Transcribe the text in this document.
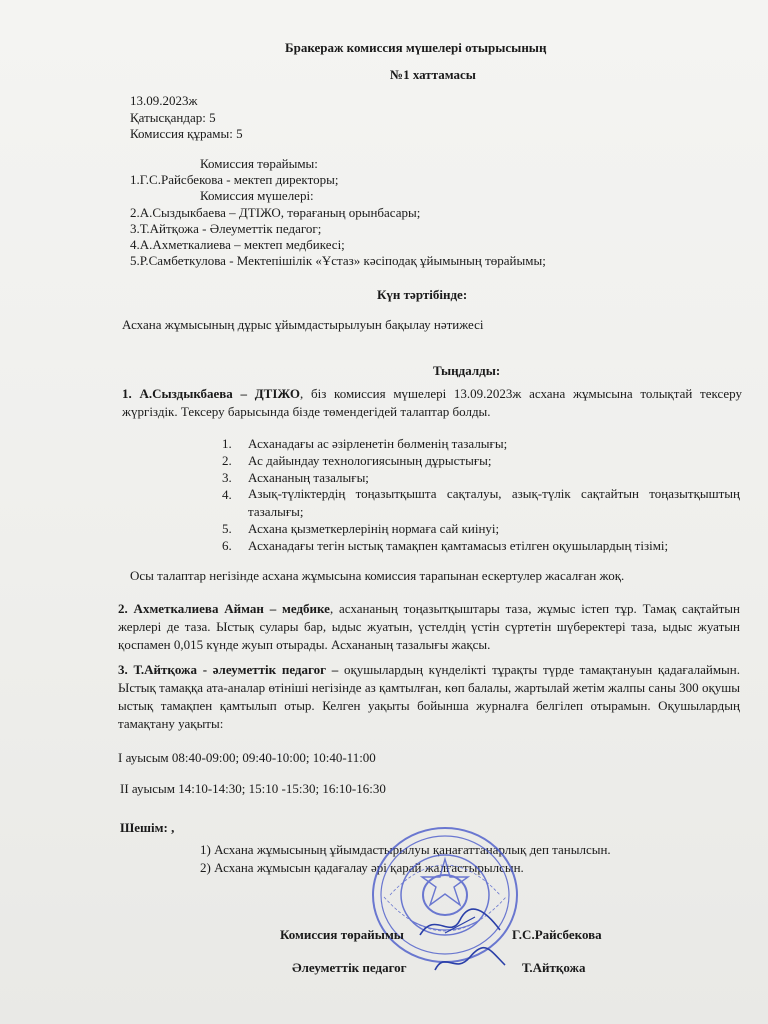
Бракераж комиссия мүшелері отырысының
№1 хаттамасы
13.09.2023ж
Қатысқандар: 5
Комиссия құрамы: 5
Комиссия төрайымы:
1.Г.С.Райсбекова - мектеп директоры;
Комиссия мүшелері:
2.А.Сыздыкбаева – ДТІЖО, төрағаның орынбасары;
3.Т.Айтқожа - Әлеуметтік педагог;
4.А.Ахметкалиева – мектеп медбикесі;
5.Р.Самбеткулова - Мектепішілік «Ұстаз» кәсіподақ ұйымының төрайымы;
Күн тәртібінде:
Асхана жұмысының дұрыс ұйымдастырылуын бақылау нәтижесі
Тыңдалды:
1. А.Сыздыкбаева – ДТІЖО, біз комиссия мүшелері 13.09.2023ж асхана жұмысына толықтай тексеру жүргіздік. Тексеру барысында бізде төмендегідей талаптар болды.
1. Асханадағы ас әзірленетін бөлменің тазалығы;
2. Ас дайындау технологиясының дұрыстығы;
3. Асхананың тазалығы;
4. Азық-түліктердің тоңазытқышта сақталуы, азық-түлік сақтайтын тоңазытқыштың тазалығы;
5. Асхана қызметкерлерінің нормаға сай киінуі;
6. Асханадағы тегін ыстық тамақпен қамтамасыз етілген оқушылардың тізімі;
Осы талаптар негізінде асхана жұмысына комиссия тарапынан ескертулер жасалған жоқ.
2. Ахметкалиева Айман – медбике, асхананың тоңазытқыштары таза, жұмыс істеп тұр. Тамақ сақтайтын жерлері де таза. Ыстық сулары бар, ыдыс жуатын, үстелдің үстін сүртетін шүберектері таза, ыдыс жуатын қоспамен 0,015 күнде жуып отырады. Асхананың тазалығы жақсы.
3. Т.Айтқожа - әлеуметтік педагог – оқушылардың күнделікті тұрақты түрде тамақтануын қадағалаймын. Ыстық тамаққа ата-аналар өтініші негізінде аз қамтылған, көп балалы, жартылай жетім жалпы саны 300 оқушы ыстық тамақпен қамтылып отыр. Келген уақыты бойынша журналға белгілеп отырамын. Оқушылардың тамақтану уақыты:
I ауысым 08:40-09:00; 09:40-10:00; 10:40-11:00
II ауысым 14:10-14:30; 15:10 -15:30; 16:10-16:30
Шешім: ,
1) Асхана жұмысының ұйымдастырылуы қанағаттанарлық деп танылсын.
2) Асхана жұмысын қадағалау әрі қарай жалғастырылсын.
Комиссия төрайымы	Г.С.Райсбекова
Әлеуметтік педагог	Т.Айтқожа
